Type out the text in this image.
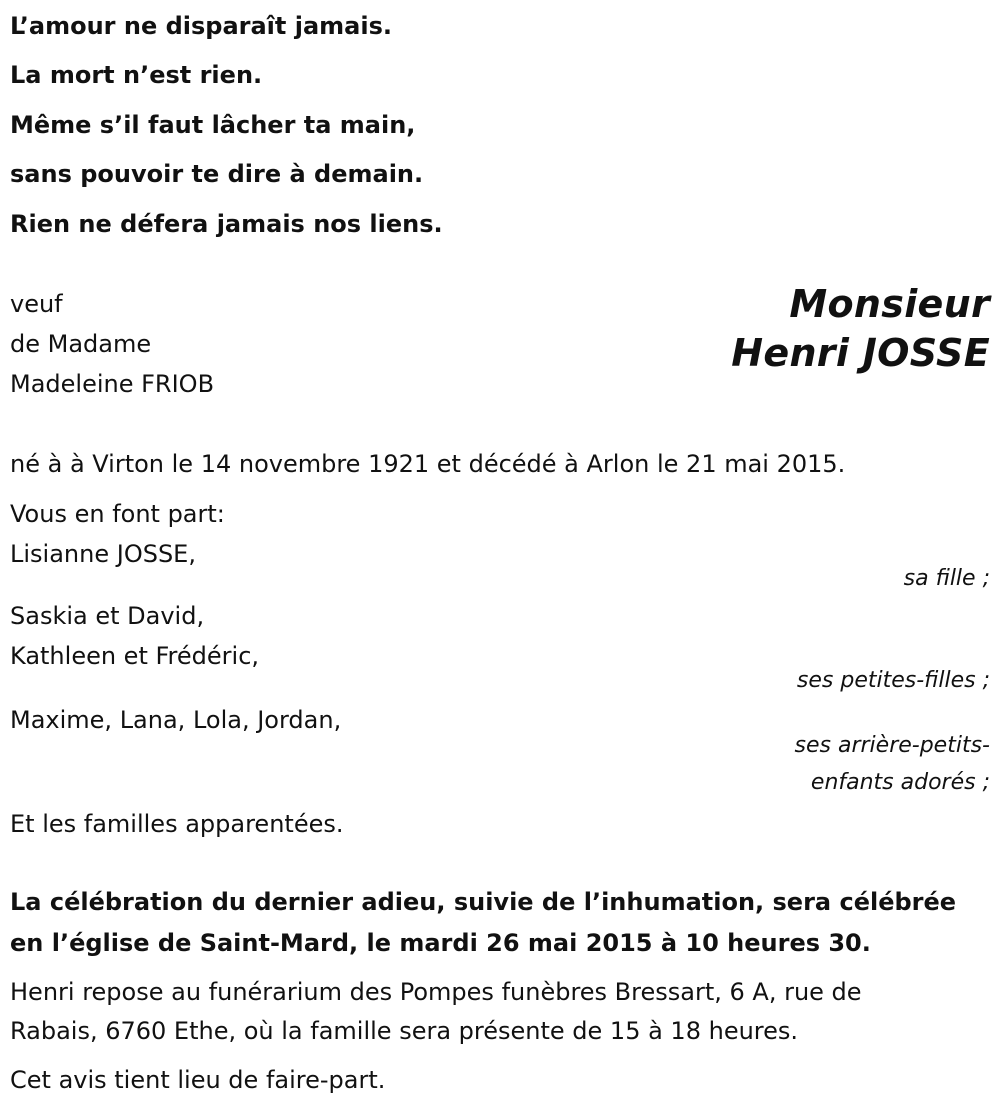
L’amour ne disparaît jamais.
La mort n’est rien.
Même s’il faut lâcher ta main,
sans pouvoir te dire à demain.
Rien ne défera jamais nos liens.
veuf
de Madame
Madeleine FRIOB
Monsieur
Henri JOSSE
né à à Virton le 14 novembre 1921 et décédé à Arlon le 21 mai 2015.
Vous en font part:
Lisianne JOSSE,
sa fille ;
Saskia et David,
Kathleen et Frédéric,
ses petites-filles ;
Maxime, Lana, Lola, Jordan,
ses arrière-petits-
enfants adorés ;
Et les familles apparentées.
La célébration du dernier adieu, suivie de l’inhumation, sera célébrée
en l’église de Saint-Mard, le mardi 26 mai 2015 à 10 heures 30.
Henri repose au funérarium des Pompes funèbres Bressart, 6 A, rue de
Rabais, 6760 Ethe, où la famille sera présente de 15 à 18 heures.
Cet avis tient lieu de faire-part.
